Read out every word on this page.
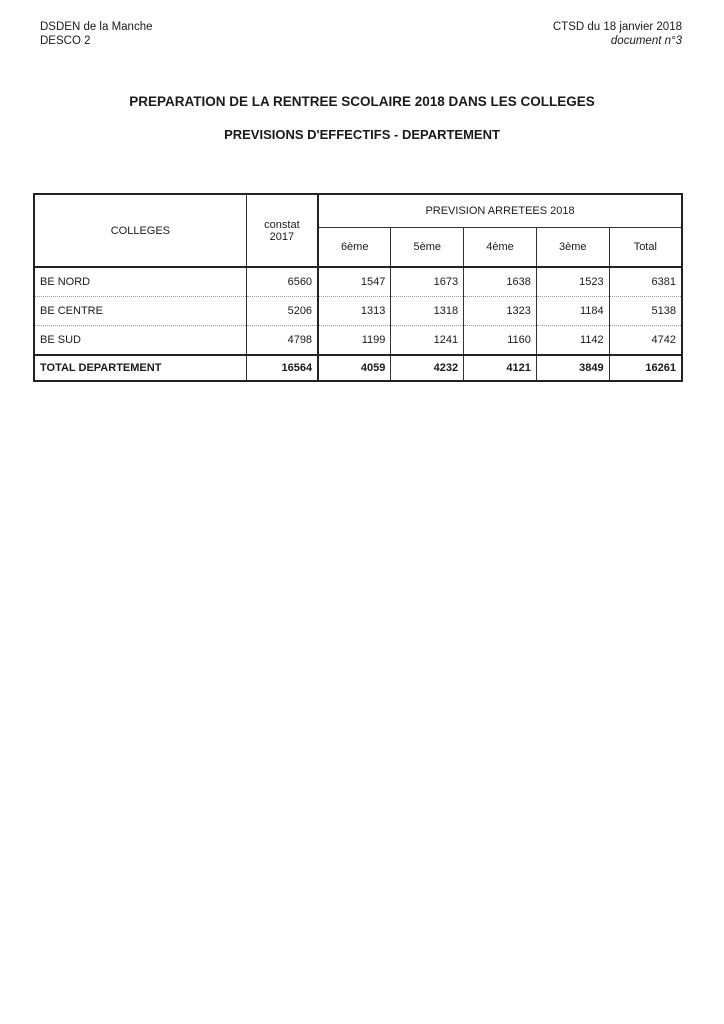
DSDEN de la Manche
DESCO 2
CTSD du 18 janvier 2018
document n°3
PREPARATION DE LA RENTREE SCOLAIRE 2018 DANS LES COLLEGES
PREVISIONS D'EFFECTIFS - DEPARTEMENT
COLLEGES	constat 2017	PREVISION ARRETEES 2018				
		6ème	5ème	4ème	3ème	Total
BE NORD	6560	1547	1673	1638	1523	6381
BE CENTRE	5206	1313	1318	1323	1184	5138
BE SUD	4798	1199	1241	1160	1142	4742
TOTAL DEPARTEMENT	16564	4059	4232	4121	3849	16261
